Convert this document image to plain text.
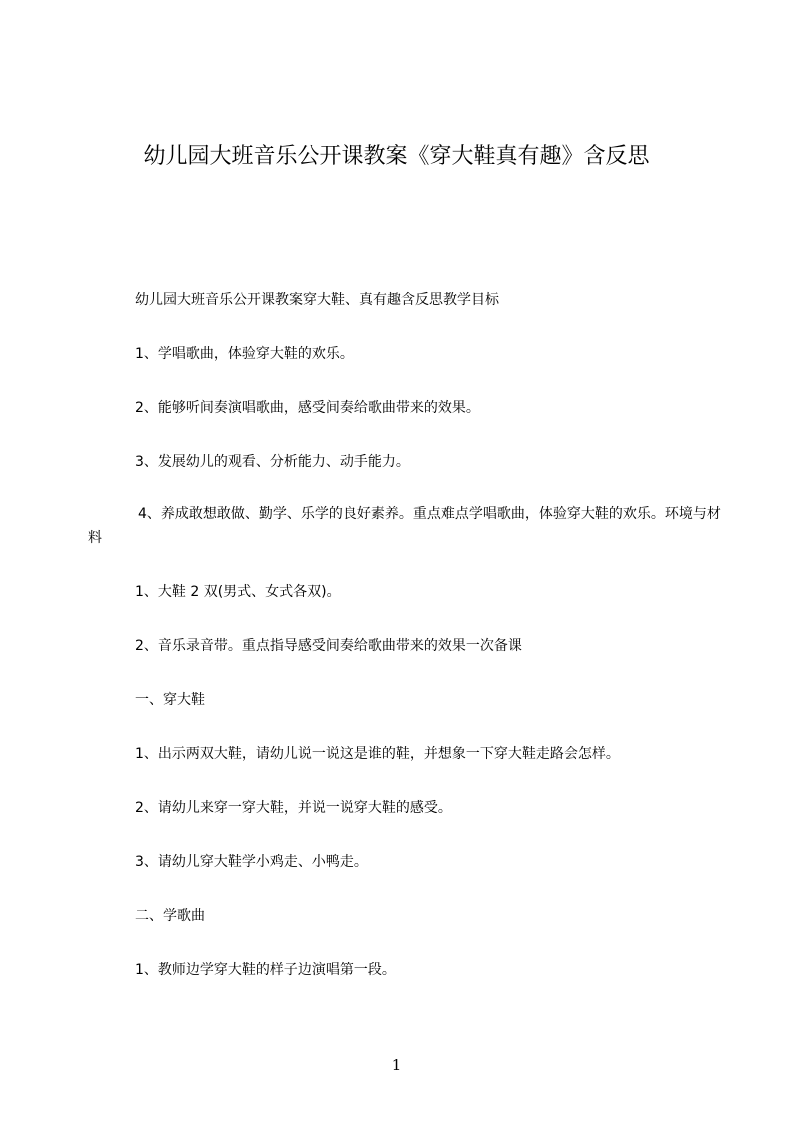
幼儿园大班音乐公开课教案《穿大鞋真有趣》含反思

幼儿园大班音乐公开课教案穿大鞋、真有趣含反思教学目标

1、学唱歌曲，体验穿大鞋的欢乐。

2、能够听间奏演唱歌曲，感受间奏给歌曲带来的效果。

3、发展幼儿的观看、分析能力、动手能力。

4、养成敢想敢做、勤学、乐学的良好素养。重点难点学唱歌曲，体验穿大鞋的欢乐。环境与材料

1、大鞋 2 双(男式、女式各双)。

2、音乐录音带。重点指导感受间奏给歌曲带来的效果一次备课

一、穿大鞋

1、出示两双大鞋，请幼儿说一说这是谁的鞋，并想象一下穿大鞋走路会怎样。

2、请幼儿来穿一穿大鞋，并说一说穿大鞋的感受。

3、请幼儿穿大鞋学小鸡走、小鸭走。

二、学歌曲

1、教师边学穿大鞋的样子边演唱第一段。

1
